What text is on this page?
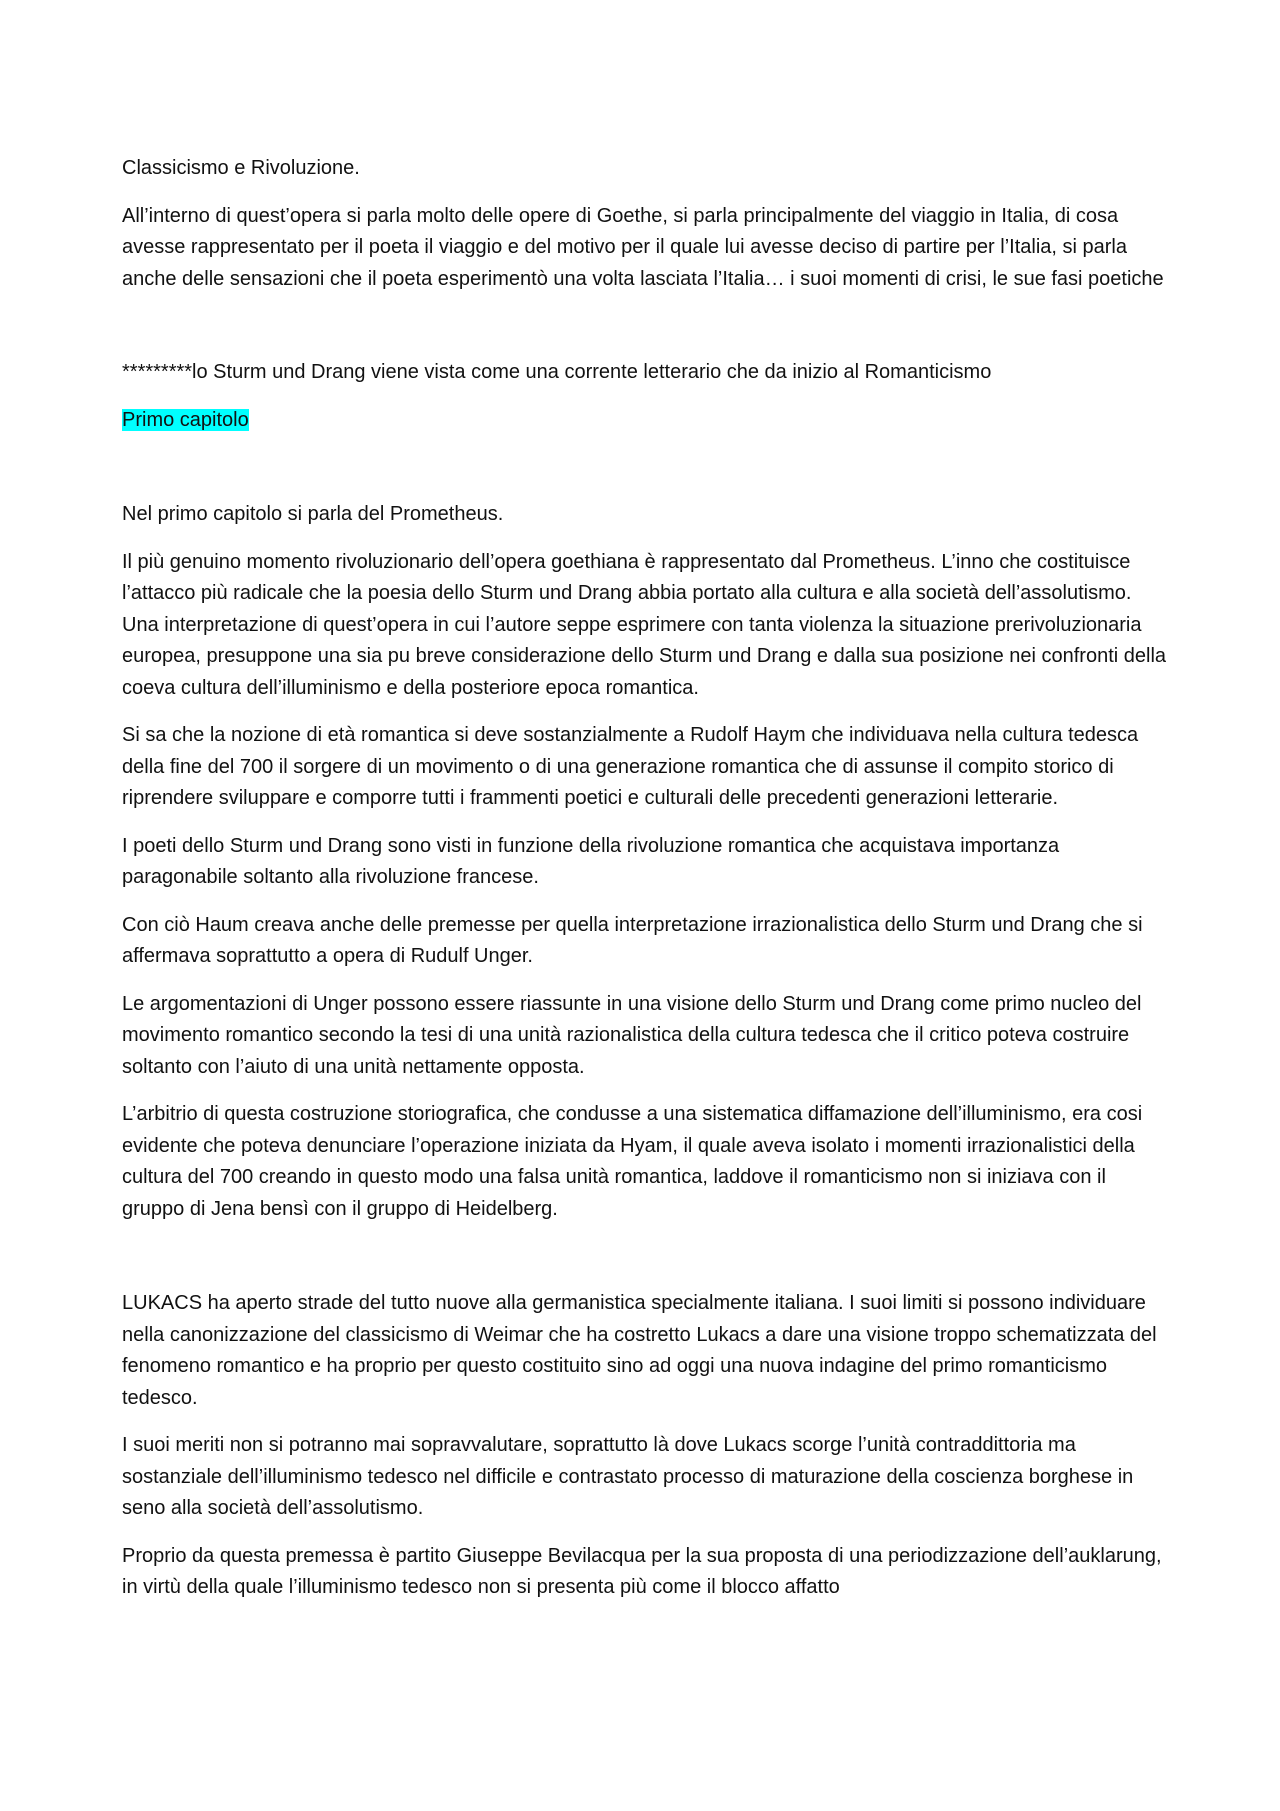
Classicismo e Rivoluzione.

All’interno di quest’opera si parla molto delle opere di Goethe, si parla principalmente del viaggio in Italia, di cosa avesse rappresentato per il poeta il viaggio e del motivo per il quale lui avesse deciso di partire per l’Italia, si parla anche delle sensazioni che il poeta esperimentò una volta lasciata l’Italia… i suoi momenti di crisi, le sue fasi poetiche

*********lo Sturm und Drang viene vista come una corrente letterario che da inizio al Romanticismo

Primo capitolo

Nel primo capitolo si parla del Prometheus.

Il più genuino momento rivoluzionario dell’opera goethiana è rappresentato dal Prometheus. L’inno che costituisce l’attacco più radicale che la poesia dello Sturm und Drang abbia portato alla cultura e alla società dell’assolutismo. Una interpretazione di quest’opera in cui l’autore seppe esprimere con tanta violenza la situazione prerivoluzionaria europea, presuppone una sia pu breve considerazione dello Sturm und Drang e dalla sua posizione nei confronti della coeva cultura dell’illuminismo e della posteriore epoca romantica.

Si sa che la nozione di età romantica si deve sostanzialmente a Rudolf Haym che individuava nella cultura tedesca della fine del 700 il sorgere di un movimento o di una generazione romantica che di assunse il compito storico di riprendere sviluppare e comporre tutti i frammenti poetici e culturali delle precedenti generazioni letterarie.

I poeti dello Sturm und Drang sono visti in funzione della rivoluzione romantica che acquistava importanza paragonabile soltanto alla rivoluzione francese.

Con ciò Haum creava anche delle premesse per quella interpretazione irrazionalistica dello Sturm und Drang che si affermava soprattutto a opera di Rudulf Unger.

Le argomentazioni di Unger possono essere riassunte in una visione dello Sturm und Drang come primo nucleo del movimento romantico secondo la tesi di una unità razionalistica della cultura tedesca che il critico poteva costruire soltanto con l’aiuto di una unità nettamente opposta.

L’arbitrio di questa costruzione storiografica, che condusse a una sistematica diffamazione dell’illuminismo, era cosi evidente che poteva denunciare l’operazione iniziata da Hyam, il quale aveva isolato i momenti irrazionalistici della cultura del 700 creando in questo modo una falsa unità romantica, laddove il romanticismo non si iniziava con il gruppo di Jena bensì con il gruppo di Heidelberg.

LUKACS ha aperto strade del tutto nuove alla germanistica specialmente italiana. I suoi limiti si possono individuare nella canonizzazione del classicismo di Weimar che ha costretto Lukacs a dare una visione troppo schematizzata del fenomeno romantico e ha proprio per questo costituito sino ad oggi una nuova indagine del primo romanticismo tedesco.

I suoi meriti non si potranno mai sopravvalutare, soprattutto là dove Lukacs scorge l’unità contraddittoria ma sostanziale dell’illuminismo tedesco nel difficile e contrastato processo di maturazione della coscienza borghese in seno alla società dell’assolutismo.

Proprio da questa premessa è partito Giuseppe Bevilacqua per la sua proposta di una periodizzazione dell’auklarung, in virtù della quale l’illuminismo tedesco non si presenta più come il blocco affatto
